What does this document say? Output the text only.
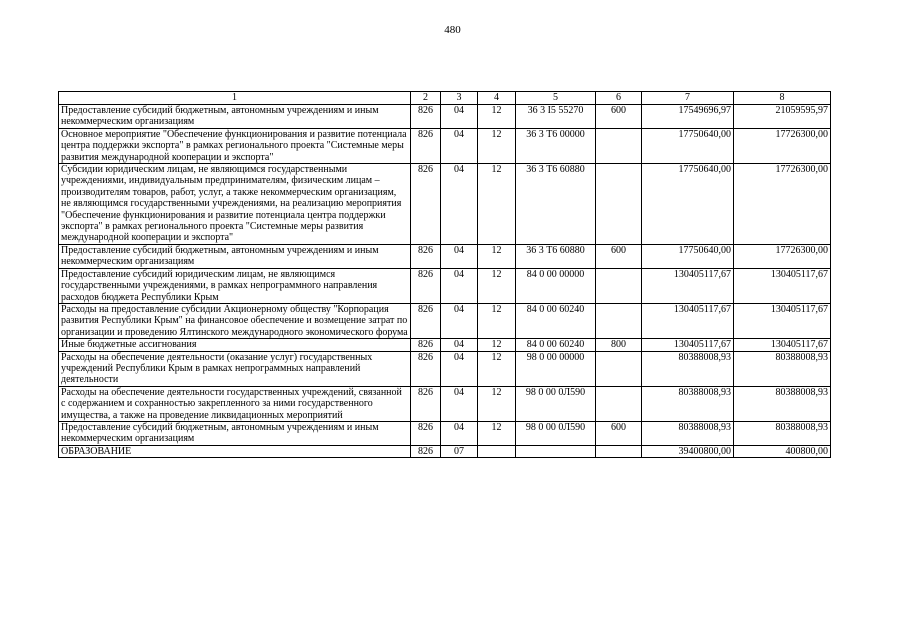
480
1	2	3	4	5	6	7	8
Предоставление субсидий бюджетным, автономным учреждениям и иным некоммерческим организациям	826	04	12	36 3 I5 55270	600	17549696,97	21059595,97
Основное мероприятие "Обеспечение функционирования и развитие потенциала центра поддержки экспорта" в рамках регионального проекта "Системные меры развития международной кооперации и экспорта"	826	04	12	36 3 Т6 00000		17750640,00	17726300,00
Субсидии юридическим лицам, не являющимся государственными учреждениями, индивидуальным предпринимателям, физическим лицам – производителям товаров, работ, услуг, а также некоммерческим организациям, не являющимся государственными учреждениями, на реализацию мероприятия "Обеспечение функционирования и развитие потенциала центра поддержки экспорта" в рамках регионального проекта "Системные меры развития международной кооперации и экспорта"	826	04	12	36 3 Т6 60880		17750640,00	17726300,00
Предоставление субсидий бюджетным, автономным учреждениям и иным некоммерческим организациям	826	04	12	36 3 Т6 60880	600	17750640,00	17726300,00
Предоставление субсидий юридическим лицам, не являющимся государственными учреждениями, в рамках непрограммного направления расходов бюджета Республики Крым	826	04	12	84 0 00 00000		130405117,67	130405117,67
Расходы на предоставление субсидии Акционерному обществу "Корпорация развития Республики Крым" на финансовое обеспечение и возмещение затрат по организации и проведению Ялтинского международного экономического форума	826	04	12	84 0 00 60240		130405117,67	130405117,67
Иные бюджетные ассигнования	826	04	12	84 0 00 60240	800	130405117,67	130405117,67
Расходы на обеспечение деятельности (оказание услуг) государственных учреждений Республики Крым в рамках непрограммных направлений деятельности	826	04	12	98 0 00 00000		80388008,93	80388008,93
Расходы на обеспечение деятельности государственных учреждений, связанной с содержанием и сохранностью закрепленного за ними государственного имущества, а также на проведение ликвидационных мероприятий	826	04	12	98 0 00 0Л590		80388008,93	80388008,93
Предоставление субсидий бюджетным, автономным учреждениям и иным некоммерческим организациям	826	04	12	98 0 00 0Л590	600	80388008,93	80388008,93
ОБРАЗОВАНИЕ	826	07				39400800,00	400800,00
